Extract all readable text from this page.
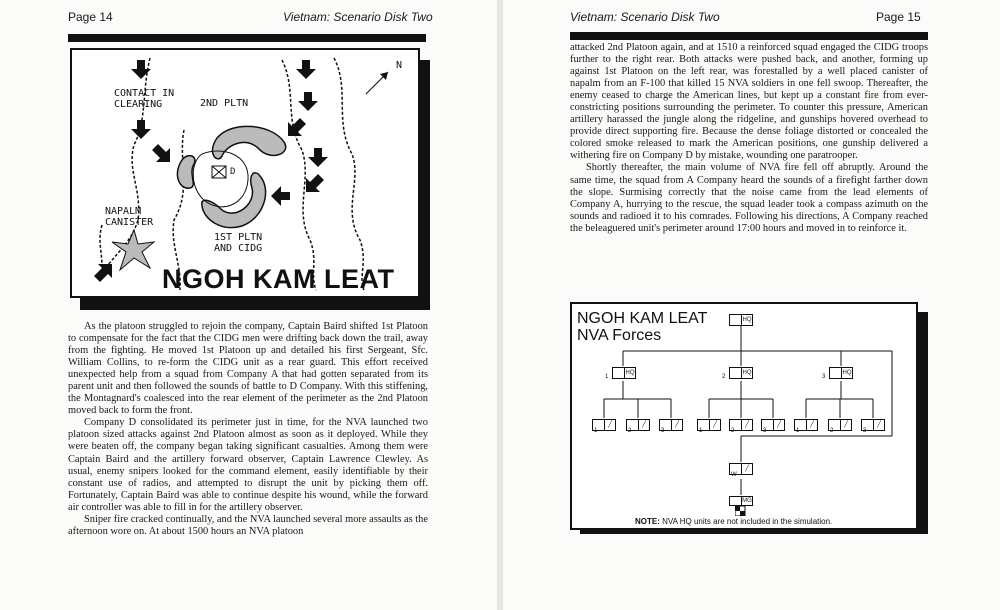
Page 14	Vietnam: Scenario Disk Two
CONTACT IN
CLEARING	2ND PLTN
NAPALM
CANISTER
1ST PLTN
AND CIDG
N
D
NGOH KAM LEAT

As the platoon struggled to rejoin the company, Captain Baird shifted 1st Platoon to compensate for the fact that the CIDG men were drifting back down the trail, away from the fighting. He moved 1st Platoon up and detailed his first Sergeant, Sfc. William Collins, to re-form the CIDG unit as a rear guard. This effort received unexpected help from a squad from Company A that had gotten separated from its parent unit and then followed the sounds of battle to D Company. With this stiffening, the Montagnard's coalesced into the rear element of the perimeter as the 2nd Platoon moved back to form the front.

Company D consolidated its perimeter just in time, for the NVA launched two platoon sized attacks against 2nd Platoon almost as soon as it deployed. While they were beaten off, the company began taking significant casualties. Among them were Captain Baird and the artillery forward observer, Captain Lawrence Clewley. As usual, enemy snipers looked for the command element, easily identifiable by their constant use of radios, and attempted to disrupt the unit by picking them off. Fortunately, Captain Baird was able to continue despite his wound, while the forward air controller was able to fill in for the artillery observer.

Sniper fire cracked continually, and the NVA launched several more assaults as the afternoon wore on. At about 1500 hours an NVA platoon

Vietnam: Scenario Disk Two	Page 15

attacked 2nd Platoon again, and at 1510 a reinforced squad engaged the CIDG troops further to the right rear. Both attacks were pushed back, and another, forming up against 1st Platoon on the left rear, was forestalled by a well placed canister of napalm from an F-100 that killed 15 NVA soldiers in one fell swoop. Thereafter, the enemy ceased to charge the American lines, but kept up a constant fire from ever-constricting positions surrounding the perimeter. To counter this pressure, American artillery harassed the jungle along the ridgeline, and gunships hovered overhead to provide direct supporting fire. Because the dense foliage distorted or concealed the colored smoke released to mark the American positions, one gunship delivered a withering fire on Company D by mistake, wounding one paratrooper.

Shortly thereafter, the main volume of NVA fire fell off abruptly. Around the same time, the squad from A Company heard the sounds of a firefight farther down the slope. Surmising correctly that the noise came from the lead elements of Company A, hurrying to the rescue, the squad leader took a compass azimuth on the sounds and radioed it to his comrades. Following his directions, A Company reached the beleaguered unit's perimeter around 17:00 hours and moved in to reinforce it.

NGOH KAM LEAT
NVA Forces
HQ
HQ
1
HQ
2
HQ
3
╱
1
╱
2
╱
3
╱
1
╱
2
╱
3
╱
1
╱
2
╱
3
╱
W
MG
NOTE: NVA HQ units are not included in the simulation.
